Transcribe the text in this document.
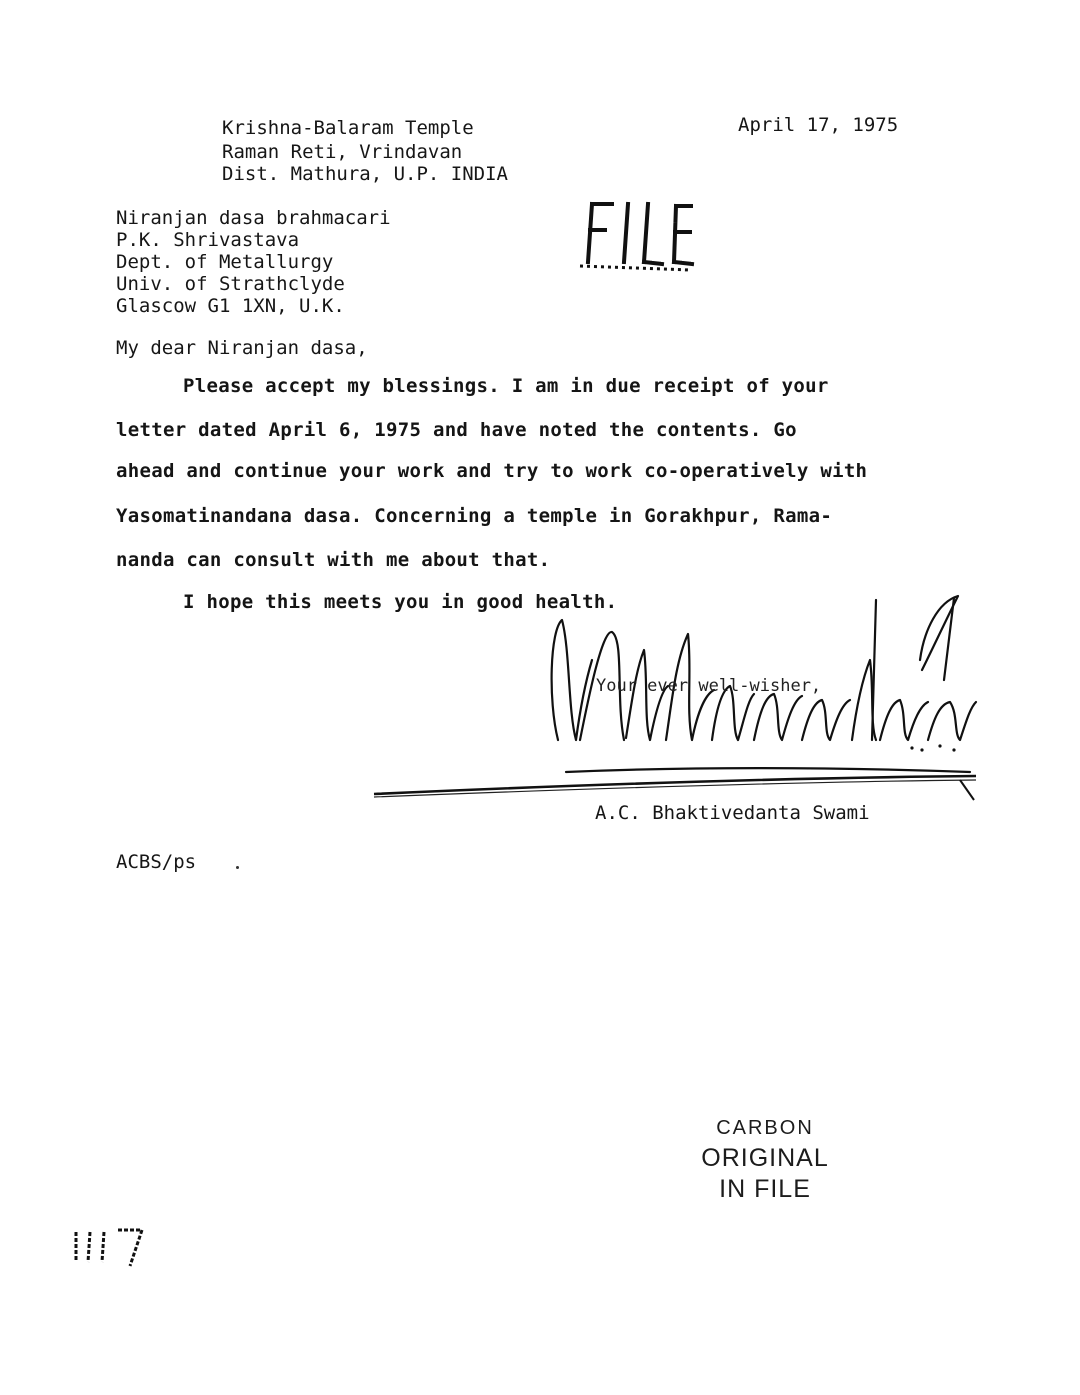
Krishna-Balaram Temple
Raman Reti, Vrindavan
Dist. Mathura, U.P. INDIA
April 17, 1975
Niranjan dasa brahmacari
P.K. Shrivastava
Dept. of Metallurgy
Univ. of Strathclyde
Glascow G1 1XN, U.K.
My dear Niranjan dasa,
Please accept my blessings. I am in due receipt of your
letter dated April 6, 1975 and have noted the contents. Go
ahead and continue your work and try to work co-operatively with
Yasomatinandana dasa. Concerning a temple in Gorakhpur, Rama-
nanda can consult with me about that.
I hope this meets you in good health.
Your ever well-wisher,
A.C. Bhaktivedanta Swami
ACBS/ps
CARBON
ORIGINAL
IN FILE
